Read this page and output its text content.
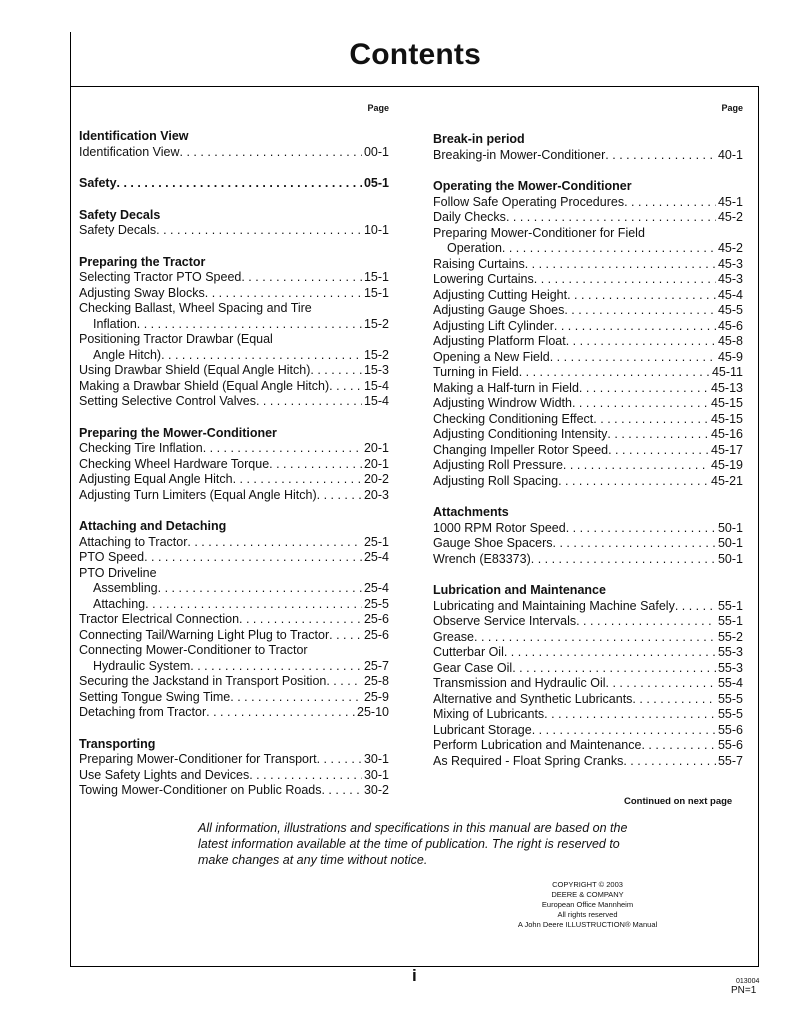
Contents
Page
Identification View
Identification View . . .	00-1
Safety . . .	05-1
Safety Decals
Safety Decals . . .	10-1
Preparing the Tractor
Selecting Tractor PTO Speed . . .	15-1
Adjusting Sway Blocks . . .	15-1
Checking Ballast, Wheel Spacing and Tire
Inflation . . .	15-2
Positioning Tractor Drawbar (Equal
Angle Hitch) . . .	15-2
Using Drawbar Shield (Equal Angle Hitch) . . .	15-3
Making a Drawbar Shield (Equal Angle Hitch) . . .	15-4
Setting Selective Control Valves . . .	15-4
Preparing the Mower-Conditioner
Checking Tire Inflation . . .	20-1
Checking Wheel Hardware Torque . . .	20-1
Adjusting Equal Angle Hitch . . .	20-2
Adjusting Turn Limiters (Equal Angle Hitch) . . .	20-3
Attaching and Detaching
Attaching to Tractor . . .	25-1
PTO Speed . . .	25-4
PTO Driveline
Assembling . . .	25-4
Attaching . . .	25-5
Tractor Electrical Connection . . .	25-6
Connecting Tail/Warning Light Plug to Tractor . . .	25-6
Connecting Mower-Conditioner to Tractor
Hydraulic System . . .	25-7
Securing the Jackstand in Transport Position . . .	25-8
Setting Tongue Swing Time . . .	25-9
Detaching from Tractor . . .	25-10
Transporting
Preparing Mower-Conditioner for Transport . . .	30-1
Use Safety Lights and Devices . . .	30-1
Towing Mower-Conditioner on Public Roads . . .	30-2
Page
Break-in period
Breaking-in Mower-Conditioner . . .	40-1
Operating the Mower-Conditioner
Follow Safe Operating Procedures . . .	45-1
Daily Checks . . .	45-2
Preparing Mower-Conditioner for Field
Operation . . .	45-2
Raising Curtains . . .	45-3
Lowering Curtains . . .	45-3
Adjusting Cutting Height . . .	45-4
Adjusting Gauge Shoes . . .	45-5
Adjusting Lift Cylinder . . .	45-6
Adjusting Platform Float . . .	45-8
Opening a New Field . . .	45-9
Turning in Field . . .	45-11
Making a Half-turn in Field . . .	45-13
Adjusting Windrow Width . . .	45-15
Checking Conditioning Effect . . .	45-15
Adjusting Conditioning Intensity . . .	45-16
Changing Impeller Rotor Speed . . .	45-17
Adjusting Roll Pressure . . .	45-19
Adjusting Roll Spacing . . .	45-21
Attachments
1000 RPM Rotor Speed . . .	50-1
Gauge Shoe Spacers . . .	50-1
Wrench (E83373) . . .	50-1
Lubrication and Maintenance
Lubricating and Maintaining Machine Safely . . .	55-1
Observe Service Intervals . . .	55-1
Grease . . .	55-2
Cutterbar Oil . . .	55-3
Gear Case Oil . . .	55-3
Transmission and Hydraulic Oil . . .	55-4
Alternative and Synthetic Lubricants . . .	55-5
Mixing of Lubricants . . .	55-5
Lubricant Storage . . .	55-6
Perform Lubrication and Maintenance . . .	55-6
As Required - Float Spring Cranks . . .	55-7
Continued on next page
All information, illustrations and specifications in this manual are based on the latest information available at the time of publication. The right is reserved to make changes at any time without notice.
COPYRIGHT © 2003
DEERE & COMPANY
European Office Mannheim
All rights reserved
A John Deere ILLUSTRUCTION® Manual
i	013004
PN=1
